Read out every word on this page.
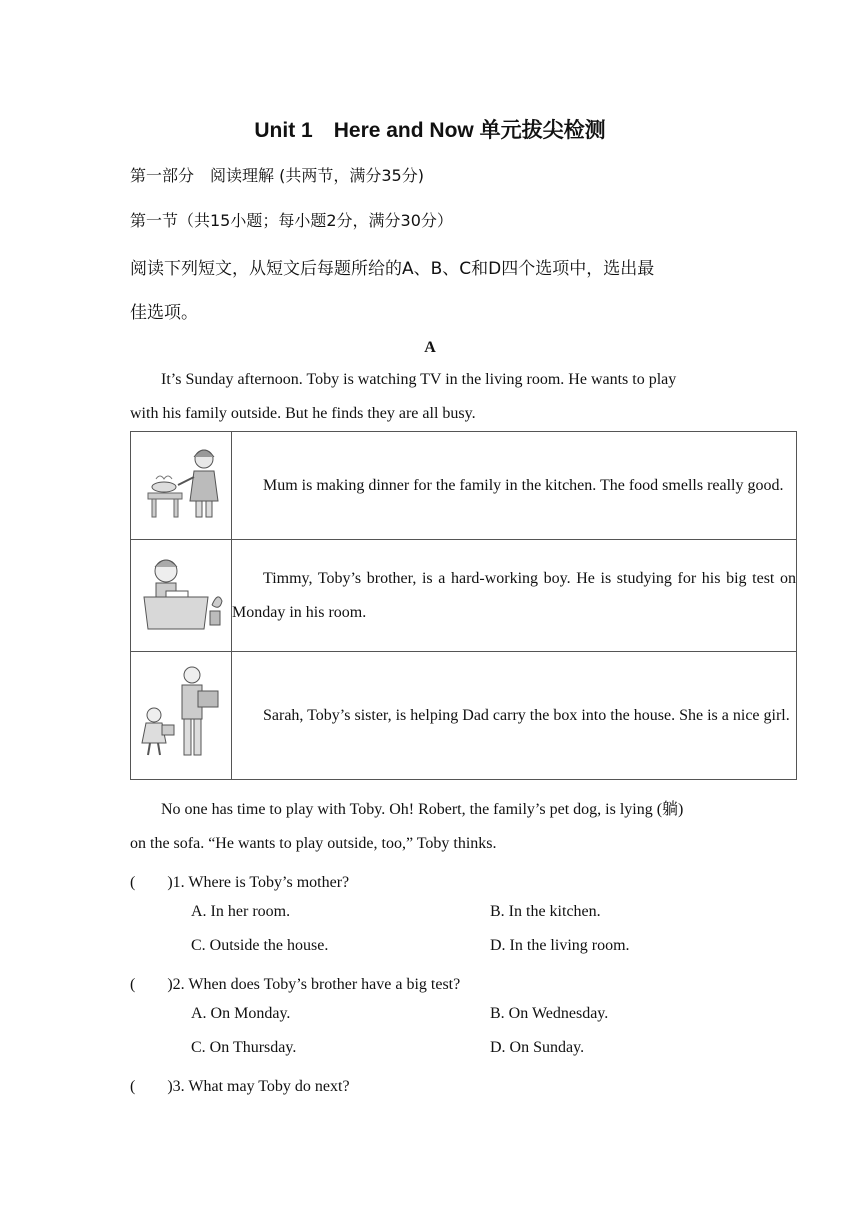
Unit 1　Here and Now 单元拔尖检测
第一部分　阅读理解 (共两节，满分35分)
第一节（共15小题；每小题2分，满分30分）
阅读下列短文，从短文后每题所给的A、B、C和D四个选项中，选出最
佳选项。
A
It’s Sunday afternoon. Toby is watching TV in the living room. He wants to play
with his family outside. But he finds they are all busy.

Mum is making dinner for the family in the kitchen. The food smells really good.

Timmy, Toby’s brother, is a hard-working boy. He is studying for his big test on Monday in his room.

Sarah, Toby’s sister, is helping Dad carry the box into the house. She is a nice girl.
No one has time to play with Toby. Oh! Robert, the family’s pet dog, is lying (躺)
on the sofa. “He wants to play outside, too,” Toby thinks.
(　　)1. Where is Toby’s mother?
A. In her room.	B. In the kitchen.
C. Outside the house.	D. In the living room.
(　　)2. When does Toby’s brother have a big test?
A. On Monday.	B. On Wednesday.
C. On Thursday.	D. On Sunday.
(　　)3. What may Toby do next?
